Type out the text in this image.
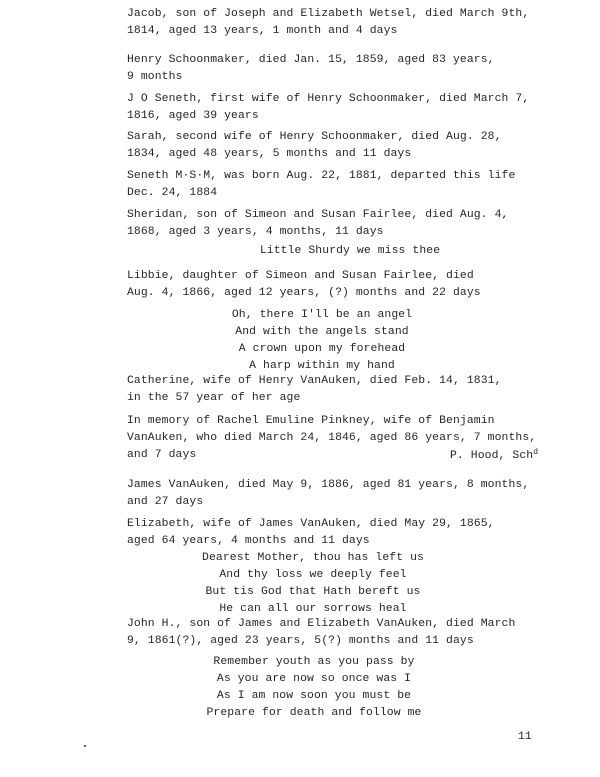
Jacob, son of Joseph and Elizabeth Wetsel, died March 9th,
1814, aged 13 years, 1 month and 4 days

Henry Schoonmaker, died Jan. 15, 1859, aged 83 years,
9 months

J O Seneth, first wife of Henry Schoonmaker, died March 7,
1816, aged 39 years

Sarah, second wife of Henry Schoonmaker, died Aug. 28,
1834, aged 48 years, 5 months and 11 days

Seneth M·S·M, was born Aug. 22, 1881, departed this life
Dec. 24, 1884

Sheridan, son of Simeon and Susan Fairlee, died Aug. 4,
1868, aged 3 years, 4 months, 11 days

Little Shurdy we miss thee

Libbie, daughter of Simeon and Susan Fairlee, died
Aug. 4, 1866, aged 12 years, (?) months and 22 days

Oh, there I'll be an angel
And with the angels stand
A crown upon my forehead
A harp within my hand

Catherine, wife of Henry VanAuken, died Feb. 14, 1831,
in the 57 year of her age

In memory of Rachel Emuline Pinkney, wife of Benjamin
VanAuken, who died March 24, 1846, aged 86 years, 7 months,
and 7 days	P. Hood, Sch$^d$

James VanAuken, died May 9, 1886, aged 81 years, 8 months,
and 27 days

Elizabeth, wife of James VanAuken, died May 29, 1865,
aged 64 years, 4 months and 11 days

Dearest Mother, thou has left us
And thy loss we deeply feel
But tis God that Hath bereft us
He can all our sorrows heal

John H., son of James and Elizabeth VanAuken, died March
9, 1861(?), aged 23 years, 5(?) months and 11 days

Remember youth as you pass by
As you are now so once was I
As I am now soon you must be
Prepare for death and follow me

11
